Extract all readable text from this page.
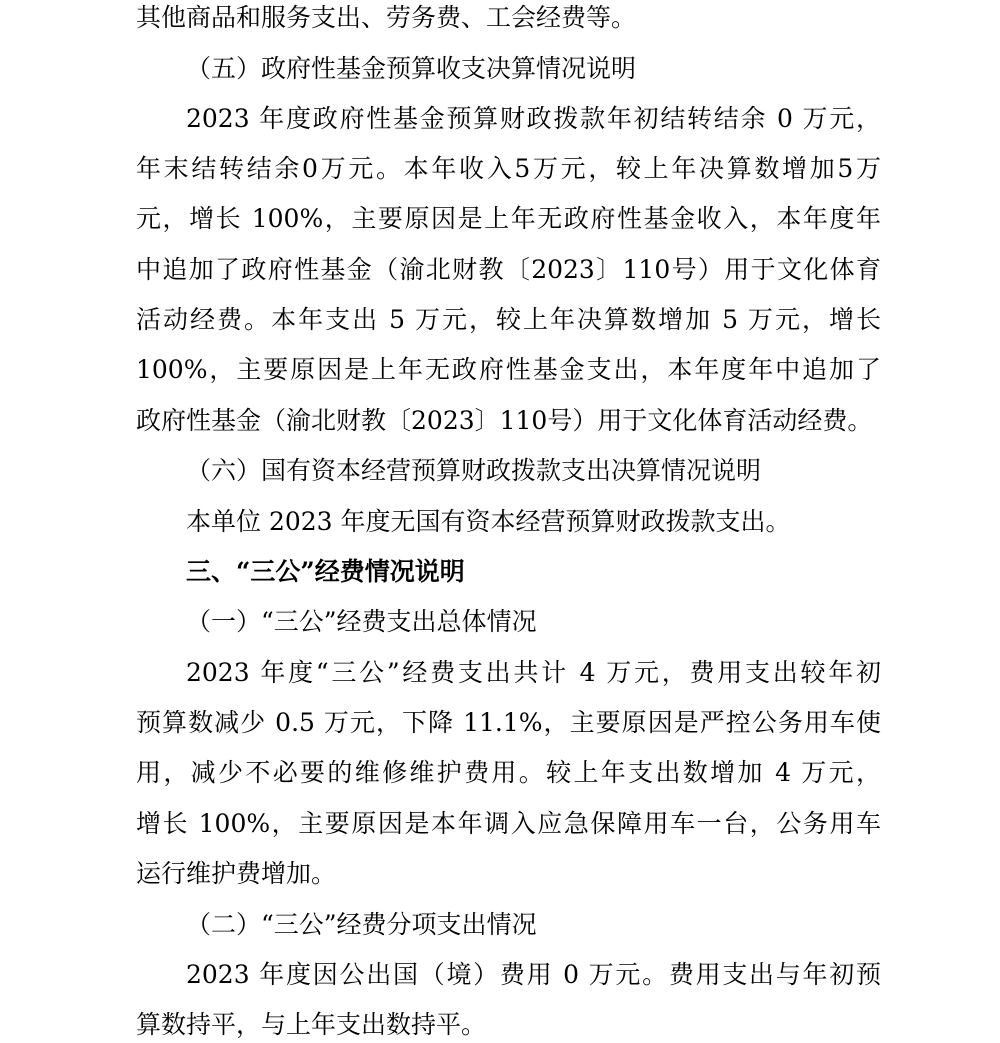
其他商品和服务支出、劳务费、工会经费等。
（五）政府性基金预算收支决算情况说明
2023 年度政府性基金预算财政拨款年初结转结余 0 万元，
年末结转结余0万元。本年收入5万元，较上年决算数增加5万
元，增长 100%，主要原因是上年无政府性基金收入，本年度年
中追加了政府性基金（渝北财教〔2023〕110号）用于文化体育
活动经费。本年支出 5 万元，较上年决算数增加 5 万元，增长
100%，主要原因是上年无政府性基金支出，本年度年中追加了
政府性基金（渝北财教〔2023〕110号）用于文化体育活动经费。
（六）国有资本经营预算财政拨款支出决算情况说明
本单位 2023 年度无国有资本经营预算财政拨款支出。
三、“三公”经费情况说明
（一）“三公”经费支出总体情况
2023 年度“三公”经费支出共计 4 万元，费用支出较年初
预算数减少 0.5 万元，下降 11.1%，主要原因是严控公务用车使
用，减少不必要的维修维护费用。较上年支出数增加 4 万元，
增长 100%，主要原因是本年调入应急保障用车一台，公务用车
运行维护费增加。
（二）“三公”经费分项支出情况
2023 年度因公出国（境）费用 0 万元。费用支出与年初预
算数持平，与上年支出数持平。
